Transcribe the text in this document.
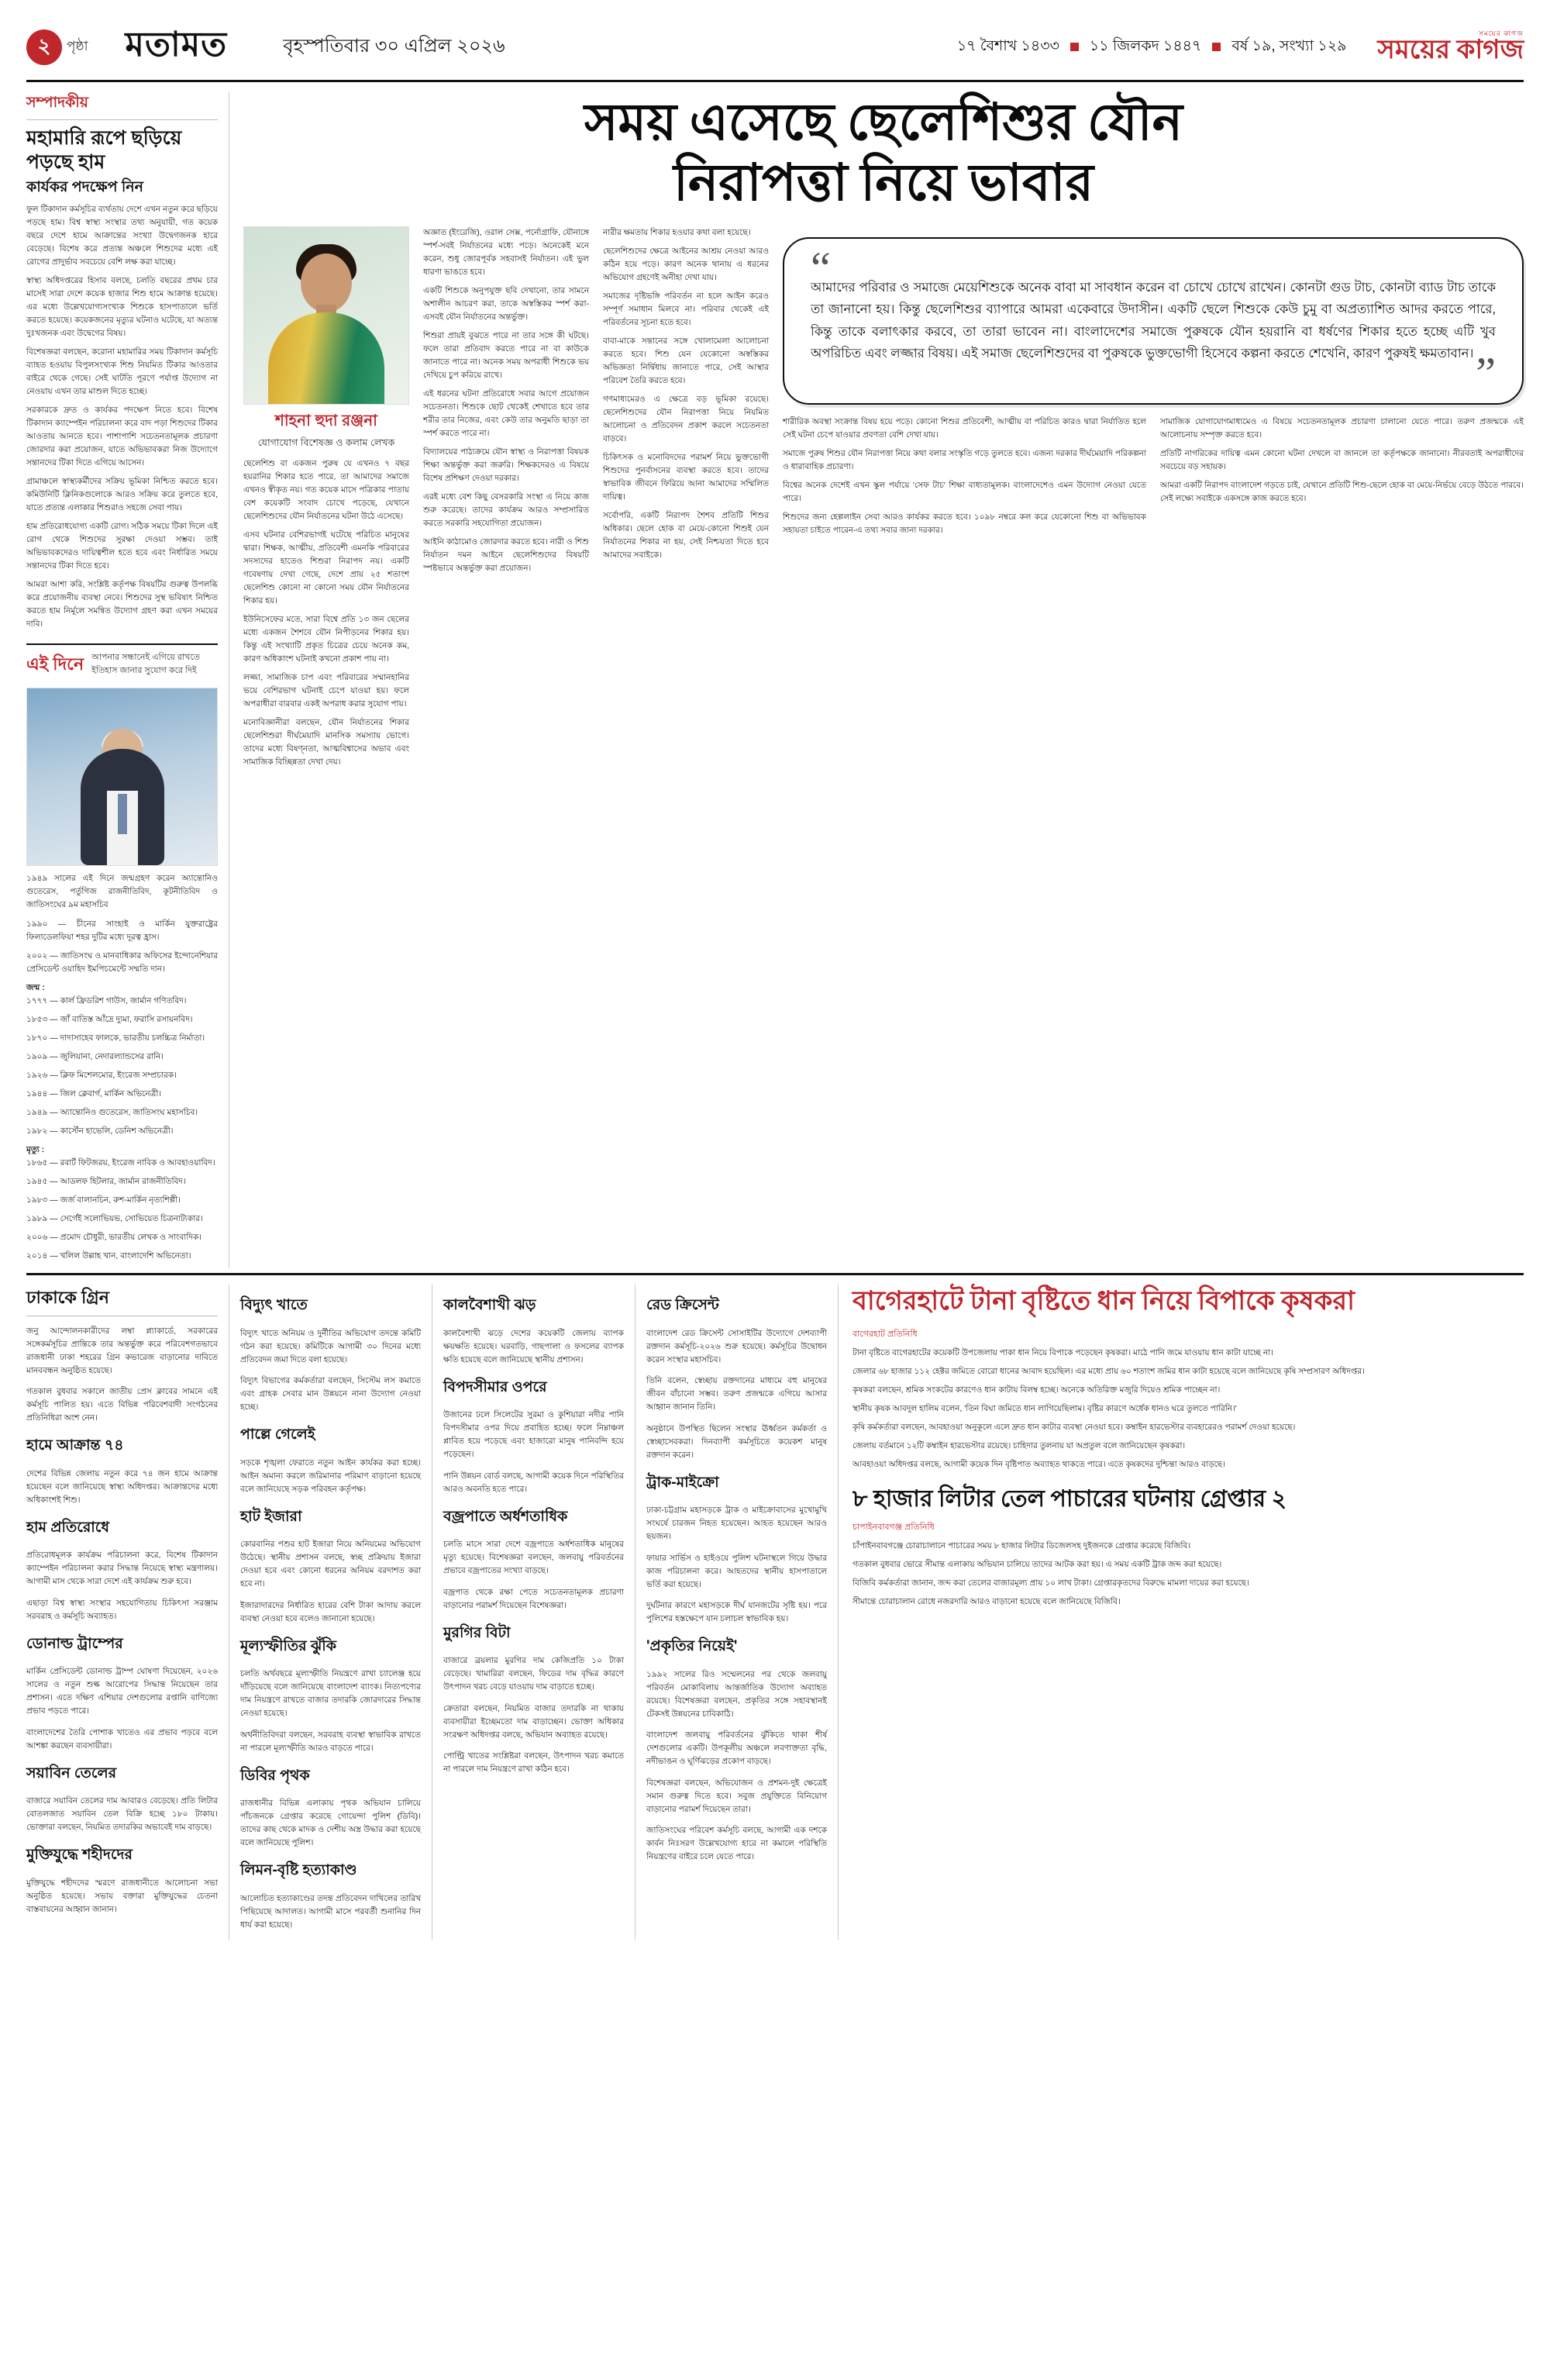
২	পৃষ্ঠা মতামত	বৃহস্পতিবার ৩০ এপ্রিল ২০২৬	১৭ বৈশাখ ১৪৩৩ ১১ জিলকদ ১৪৪৭ বর্ষ ১৯, সংখ্যা ১২৯
সময়ের কাগজ
সময়ের কাগজ
সম্পাদকীয়
মহামারি রূপে ছড়িয়ে পড়ছে হাম
কার্যকর পদক্ষেপ নিন

ফুল টিকাদান কর্মসূচির ব্যর্থতায় দেশে এখন নতুন করে ছড়িয়ে পড়ছে হাম। বিশ্ব স্বাস্থ্য সংস্থার তথ্য অনুযায়ী, গত কয়েক বছরে দেশে হামে আক্রান্তের সংখ্যা উদ্বেগজনক হারে বেড়েছে। বিশেষ করে প্রত্যন্ত অঞ্চলে শিশুদের মধ্যে এই রোগের প্রাদুর্ভাব সবচেয়ে বেশি লক্ষ করা যাচ্ছে।

স্বাস্থ্য অধিদপ্তরের হিসাব বলছে, চলতি বছরের প্রথম চার মাসেই সারা দেশে কয়েক হাজার শিশু হামে আক্রান্ত হয়েছে। এর মধ্যে উল্লেখযোগ্যসংখ্যক শিশুকে হাসপাতালে ভর্তি করতে হয়েছে। কয়েকজনের মৃত্যুর ঘটনাও ঘটেছে, যা অত্যন্ত দুঃখজনক এবং উদ্বেগের বিষয়।

বিশেষজ্ঞরা বলছেন, করোনা মহামারির সময় টিকাদান কর্মসূচি ব্যাহত হওয়ায় বিপুলসংখ্যক শিশু নিয়মিত টিকার আওতার বাইরে থেকে গেছে। সেই ঘাটতি পূরণে পর্যাপ্ত উদ্যোগ না নেওয়ায় এখন তার মাশুল দিতে হচ্ছে।

সরকারকে দ্রুত ও কার্যকর পদক্ষেপ নিতে হবে। বিশেষ টিকাদান ক্যাম্পেইন পরিচালনা করে বাদ পড়া শিশুদের টিকার আওতায় আনতে হবে। পাশাপাশি সচেতনতামূলক প্রচারণা জোরদার করা প্রয়োজন, যাতে অভিভাবকরা নিজ উদ্যোগে সন্তানদের টিকা দিতে এগিয়ে আসেন।

গ্রামাঞ্চলে স্বাস্থ্যকর্মীদের সক্রিয় ভূমিকা নিশ্চিত করতে হবে। কমিউনিটি ক্লিনিকগুলোকে আরও সক্রিয় করে তুলতে হবে, যাতে প্রত্যন্ত এলাকার শিশুরাও সহজে সেবা পায়।

হাম প্রতিরোধযোগ্য একটি রোগ। সঠিক সময়ে টিকা দিলে এই রোগ থেকে শিশুদের সুরক্ষা দেওয়া সম্ভব। তাই অভিভাবকদেরও দায়িত্বশীল হতে হবে এবং নির্ধারিত সময়ে সন্তানদের টিকা দিতে হবে।

আমরা আশা করি, সংশ্লিষ্ট কর্তৃপক্ষ বিষয়টির গুরুত্ব উপলব্ধি করে প্রয়োজনীয় ব্যবস্থা নেবে। শিশুদের সুস্থ ভবিষ্যৎ নিশ্চিত করতে হাম নির্মূলে সমন্বিত উদ্যোগ গ্রহণ করা এখন সময়ের দাবি।

এই দিনে আপনার সন্ধানেই এগিয়ে রাখতে ইতিহাস জানার সুযোগ করে দিই
১৯৪৯ সালের এই দিনে জন্মগ্রহণ করেন অ্যান্তোনিও গুতেরেস, পর্তুগিজ রাজনীতিবিদ, কূটনীতিবিদ ও জাতিসংঘের ৯ম মহাসচিব

১৯৯০ — চীনের সাংহাই ও মার্কিন যুক্তরাষ্ট্রের ফিলাডেলফিয়া শহর দুটির মধ্যে দূরত্ব হ্রাস।

২০০২ — জাতিসংঘ ও মানবাধিকার অফিসের ইন্দোনেশিয়ার প্রেসিডেন্ট ওয়াহিদ ইমপিচমেন্টে সম্মতি দান।

জন্ম :

১৭৭৭ — কার্ল ফ্রিডরিশ গাউস, জার্মান গণিতবিদ।

১৮৫৩ — জাঁ বাতিস্ত আঁদ্রে দ্যুমা, ফরাসি রসায়নবিদ।

১৮৭০ — দাদাসাহেব ফালকে, ভারতীয় চলচ্চিত্র নির্মাতা।

১৯০৯ — জুলিয়ানা, নেদারল্যান্ডসের রানি।

১৯২৬ — ক্লিফ মিশেলমোর, ইংরেজ সম্প্রচারক।

১৯৪৪ — জিল ক্লেবার্গ, মার্কিন অভিনেত্রী।

১৯৪৯ — অ্যান্তোনিও গুতেরেস, জাতিসংঘ মহাসচিব।

১৯৮২ — কার্স্টেন হাভেলি, ডেনিশ অভিনেত্রী।

মৃত্যু :

১৮৬৫ — রবার্ট ফিটজরয়, ইংরেজ নাবিক ও আবহাওয়াবিদ।

১৯৪৫ — আডলফ হিটলার, জার্মান রাজনীতিবিদ।

১৯৮৩ — জর্জ বালানচিন, রুশ-মার্কিন নৃত্যশিল্পী।

১৯৮৯ — সের্গেই সলোভিয়ভ, সোভিয়েত চিত্রনাট্যকার।

২০০৬ — প্রমোদ চৌধুরী, ভারতীয় লেখক ও সাংবাদিক।

২০১৪ — খলিল উল্লাহ খান, বাংলাদেশি অভিনেতা।

সময় এসেছে ছেলেশিশুর যৌন
নিরাপত্তা নিয়ে ভাবার
শাহনা হুদা রঞ্জনা
যোগাযোগ বিশেষজ্ঞ ও কলাম লেখক

ছেলেশিশু বা একজন পুরুষ যে এখনও ৭ বছর হয়রানির শিকার হতে পারে, তা আমাদের সমাজে এখনও স্বীকৃত নয়। গত কয়েক মাসে পত্রিকার পাতায় বেশ কয়েকটি সংবাদ চোখে পড়েছে, যেখানে ছেলেশিশুদের যৌন নির্যাতনের ঘটনা উঠে এসেছে।

এসব ঘটনার বেশিরভাগই ঘটেছে পরিচিত মানুষের দ্বারা। শিক্ষক, আত্মীয়, প্রতিবেশী এমনকি পরিবারের সদস্যদের হাতেও শিশুরা নিরাপদ নয়। একটি গবেষণায় দেখা গেছে, দেশে প্রায় ২৫ শতাংশ ছেলেশিশু কোনো না কোনো সময় যৌন নির্যাতনের শিকার হয়।

ইউনিসেফের মতে, সারা বিশ্বে প্রতি ১৩ জন ছেলের মধ্যে একজন শৈশবে যৌন নিপীড়নের শিকার হয়। কিন্তু এই সংখ্যাটি প্রকৃত চিত্রের চেয়ে অনেক কম, কারণ অধিকাংশ ঘটনাই কখনো প্রকাশ পায় না।

লজ্জা, সামাজিক চাপ এবং পরিবারের সম্মানহানির ভয়ে বেশিরভাগ ঘটনাই চেপে যাওয়া হয়। ফলে অপরাধীরা বারবার একই অপরাধ করার সুযোগ পায়।

মনোবিজ্ঞানীরা বলছেন, যৌন নির্যাতনের শিকার ছেলেশিশুরা দীর্ঘমেয়াদি মানসিক সমস্যায় ভোগে। তাদের মধ্যে বিষণ্নতা, আত্মবিশ্বাসের অভাব এবং সামাজিক বিচ্ছিন্নতা দেখা দেয়।

অজ্ঞাত (ইংরেজি), ওরাল সেক্স, পর্নোগ্রাফি, যৌনাঙ্গে স্পর্শ-সবই নির্যাতনের মধ্যে পড়ে। অনেকেই মনে করেন, শুধু জোরপূর্বক সহবাসই নির্যাতন। এই ভুল ধারণা ভাঙতে হবে।

একটি শিশুকে অনুপযুক্ত ছবি দেখানো, তার সামনে অশালীন আচরণ করা, তাকে অস্বস্তিকর স্পর্শ করা-এসবই যৌন নির্যাতনের অন্তর্ভুক্ত।

শিশুরা প্রায়ই বুঝতে পারে না তার সঙ্গে কী ঘটছে। ফলে তারা প্রতিবাদ করতে পারে না বা কাউকে জানাতে পারে না। অনেক সময় অপরাধী শিশুকে ভয় দেখিয়ে চুপ করিয়ে রাখে।

এই ধরনের ঘটনা প্রতিরোধে সবার আগে প্রয়োজন সচেতনতা। শিশুকে ছোট থেকেই শেখাতে হবে তার শরীর তার নিজের, এবং কেউ তার অনুমতি ছাড়া তা স্পর্শ করতে পারে না।

বিদ্যালয়ের পাঠ্যক্রমে যৌন স্বাস্থ্য ও নিরাপত্তা বিষয়ক শিক্ষা অন্তর্ভুক্ত করা জরুরি। শিক্ষকদেরও এ বিষয়ে বিশেষ প্রশিক্ষণ দেওয়া দরকার।

এরই মধ্যে বেশ কিছু বেসরকারি সংস্থা এ নিয়ে কাজ শুরু করেছে। তাদের কার্যক্রম আরও সম্প্রসারিত করতে সরকারি সহযোগিতা প্রয়োজন।

আইনি কাঠামোও জোরদার করতে হবে। নারী ও শিশু নির্যাতন দমন আইনে ছেলেশিশুদের বিষয়টি স্পষ্টভাবে অন্তর্ভুক্ত করা প্রয়োজন।

নারীর ক্ষমতায় শিকার হওয়ার কথা বলা হয়েছে।

ছেলেশিশুদের ক্ষেত্রে আইনের আশ্রয় নেওয়া আরও কঠিন হয়ে পড়ে। কারণ অনেক থানায় এ ধরনের অভিযোগ গ্রহণেই অনীহা দেখা যায়।

সমাজের দৃষ্টিভঙ্গি পরিবর্তন না হলে আইন করেও সম্পূর্ণ সমাধান মিলবে না। পরিবার থেকেই এই পরিবর্তনের সূচনা হতে হবে।

বাবা-মাকে সন্তানের সঙ্গে খোলামেলা আলোচনা করতে হবে। শিশু যেন যেকোনো অস্বস্তিকর অভিজ্ঞতা নির্দ্বিধায় জানাতে পারে, সেই আস্থার পরিবেশ তৈরি করতে হবে।

গণমাধ্যমেরও এ ক্ষেত্রে বড় ভূমিকা রয়েছে। ছেলেশিশুদের যৌন নিরাপত্তা নিয়ে নিয়মিত আলোচনা ও প্রতিবেদন প্রকাশ করলে সচেতনতা বাড়বে।

চিকিৎসক ও মনোবিদদের পরামর্শ নিয়ে ভুক্তভোগী শিশুদের পুনর্বাসনের ব্যবস্থা করতে হবে। তাদের স্বাভাবিক জীবনে ফিরিয়ে আনা আমাদের সম্মিলিত দায়িত্ব।

সর্বোপরি, একটি নিরাপদ শৈশব প্রতিটি শিশুর অধিকার। ছেলে হোক বা মেয়ে-কোনো শিশুই যেন নির্যাতনের শিকার না হয়, সেই নিশ্চয়তা দিতে হবে আমাদের সবাইকে।

“
আমাদের পরিবার ও সমাজে মেয়েশিশুকে অনেক বাবা মা সাবধান করেন বা চোখে চোখে রাখেন। কোনটা গুড টাচ, কোনটা ব্যাড টাচ তাকে তা জানানো হয়। কিন্তু ছেলেশিশুর ব্যাপারে আমরা একেবারে উদাসীন। একটি ছেলে শিশুকে কেউ চুমু বা অপ্রত্যাশিত আদর করতে পারে, কিন্তু তাকে বলাৎকার করবে, তা তারা ভাবেন না। বাংলাদেশের সমাজে পুরুষকে যৌন হয়রানি বা ধর্ষণের শিকার হতে হচ্ছে এটি খুব অপরিচিত এবং লজ্জার বিষয়। এই সমাজ ছেলেশিশুদের বা পুরুষকে ভুক্তভোগী হিসেবে কল্পনা করতে শেখেনি, কারণ পুরুষই ক্ষমতাবান। ”

শারীরিক অবস্থা সংক্রান্ত বিষয় হয়ে পড়ে। কোনো শিশুর প্রতিবেশী, আত্মীয় বা পরিচিত কারও দ্বারা নির্যাতিত হলে সেই ঘটনা চেপে যাওয়ার প্রবণতা বেশি দেখা যায়।

সমাজে পুরুষ শিশুর যৌন নিরাপত্তা নিয়ে কথা বলার সংস্কৃতি গড়ে তুলতে হবে। এজন্য দরকার দীর্ঘমেয়াদি পরিকল্পনা ও ধারাবাহিক প্রচারণা।

বিশ্বের অনেক দেশেই এখন স্কুল পর্যায়ে 'সেফ টাচ' শিক্ষা বাধ্যতামূলক। বাংলাদেশেও এমন উদ্যোগ নেওয়া যেতে পারে।

শিশুদের জন্য হেল্পলাইন সেবা আরও কার্যকর করতে হবে। ১০৯৮ নম্বরে কল করে যেকোনো শিশু বা অভিভাবক সহায়তা চাইতে পারেন-এ তথ্য সবার জানা দরকার।

সামাজিক যোগাযোগমাধ্যমেও এ বিষয়ে সচেতনতামূলক প্রচারণা চালানো যেতে পারে। তরুণ প্রজন্মকে এই আলোচনায় সম্পৃক্ত করতে হবে।

প্রতিটি নাগরিকের দায়িত্ব এমন কোনো ঘটনা দেখলে বা জানলে তা কর্তৃপক্ষকে জানানো। নীরবতাই অপরাধীদের সবচেয়ে বড় সহায়ক।

আমরা একটি নিরাপদ বাংলাদেশ গড়তে চাই, যেখানে প্রতিটি শিশু-ছেলে হোক বা মেয়ে-নির্ভয়ে বেড়ে উঠতে পারবে। সেই লক্ষ্যে সবাইকে একসঙ্গে কাজ করতে হবে।

ঢাকাকে গ্রিন

জনু আন্দোলনকারীদের লম্বা প্ল্যাকার্ডে, সরকারের সঙ্গেকর্মসূচির প্রান্তিকে তার অন্তর্ভুক্ত করে পরিবেশগতভাবে রাজধানী ঢাকা শহরের গ্রিন কভারেজ বাড়ানোর দাবিতে মানববন্ধন অনুষ্ঠিত হয়েছে।

গতকাল বুধবার সকালে জাতীয় প্রেস ক্লাবের সামনে এই কর্মসূচি পালিত হয়। এতে বিভিন্ন পরিবেশবাদী সংগঠনের প্রতিনিধিরা অংশ নেন।

হামে আক্রান্ত ৭৪

দেশের বিভিন্ন জেলায় নতুন করে ৭৪ জন হামে আক্রান্ত হয়েছেন বলে জানিয়েছে স্বাস্থ্য অধিদপ্তর। আক্রান্তদের মধ্যে অধিকাংশই শিশু।

হাম প্রতিরোধে

প্রতিরোধমূলক কার্যক্রম পরিচালনা করে, বিশেষ টিকাদান ক্যাম্পেইন পরিচালনা করার সিদ্ধান্ত নিয়েছে স্বাস্থ্য মন্ত্রণালয়। আগামী মাস থেকে সারা দেশে এই কার্যক্রম শুরু হবে।

এছাড়া বিশ্ব স্বাস্থ্য সংস্থার সহযোগিতায় চিকিৎসা সরঞ্জাম সরবরাহ ও কর্মসূচি অব্যাহত।

ডোনাল্ড ট্রাম্পের

মার্কিন প্রেসিডেন্ট ডোনাল্ড ট্রাম্প ঘোষণা দিয়েছেন, ২০২৬ সালের ও নতুন শুল্ক আরোপের সিদ্ধান্ত নিয়েছেন তার প্রশাসন। এতে দক্ষিণ এশিয়ার দেশগুলোর রপ্তানি বাণিজ্যে প্রভাব পড়তে পারে।

বাংলাদেশের তৈরি পোশাক খাতেও এর প্রভাব পড়বে বলে আশঙ্কা করছেন ব্যবসায়ীরা।

সয়াবিন তেলের

বাজারে সয়াবিন তেলের দাম আবারও বেড়েছে। প্রতি লিটার বোতলজাত সয়াবিন তেল বিক্রি হচ্ছে ১৮০ টাকায়। ভোক্তারা বলছেন, নিয়মিত তদারকির অভাবেই দাম বাড়ছে।

মুক্তিযুদ্ধে শহীদদের

মুক্তিযুদ্ধে শহীদদের স্মরণে রাজধানীতে আলোচনা সভা অনুষ্ঠিত হয়েছে। সভায় বক্তারা মুক্তিযুদ্ধের চেতনা বাস্তবায়নের আহ্বান জানান।

বিদ্যুৎ খাতে

বিদ্যুৎ খাতে অনিয়ম ও দুর্নীতির অভিযোগ তদন্তে কমিটি গঠন করা হয়েছে। কমিটিকে আগামী ৩০ দিনের মধ্যে প্রতিবেদন জমা দিতে বলা হয়েছে।

বিদ্যুৎ বিভাগের কর্মকর্তারা বলছেন, সিস্টেম লস কমাতে এবং গ্রাহক সেবার মান উন্নয়নে নানা উদ্যোগ নেওয়া হচ্ছে।

পাল্লে গেলেই

সড়কে শৃঙ্খলা ফেরাতে নতুন আইন কার্যকর করা হচ্ছে। আইন অমান্য করলে জরিমানার পরিমাণ বাড়ানো হয়েছে বলে জানিয়েছে সড়ক পরিবহন কর্তৃপক্ষ।

হাট ইজারা

কোরবানির পশুর হাট ইজারা নিয়ে অনিয়মের অভিযোগ উঠেছে। স্থানীয় প্রশাসন বলছে, স্বচ্ছ প্রক্রিয়ায় ইজারা দেওয়া হবে এবং কোনো ধরনের অনিয়ম বরদাশত করা হবে না।

ইজারাদারদের নির্ধারিত হারের বেশি টাকা আদায় করলে ব্যবস্থা নেওয়া হবে বলেও জানানো হয়েছে।

মূল্যস্ফীতির ঝুঁকি

চলতি অর্থবছরে মূল্যস্ফীতি নিয়ন্ত্রণে রাখা চ্যালেঞ্জ হয়ে দাঁড়িয়েছে বলে জানিয়েছে বাংলাদেশ ব্যাংক। নিত্যপণ্যের দাম নিয়ন্ত্রণে রাখতে বাজার তদারকি জোরদারের সিদ্ধান্ত নেওয়া হয়েছে।

অর্থনীতিবিদরা বলছেন, সরবরাহ ব্যবস্থা স্বাভাবিক রাখতে না পারলে মূল্যস্ফীতি আরও বাড়তে পারে।

ডিবির পৃথক

রাজধানীর বিভিন্ন এলাকায় পৃথক অভিযান চালিয়ে পাঁচজনকে গ্রেপ্তার করেছে গোয়েন্দা পুলিশ (ডিবি)। তাদের কাছ থেকে মাদক ও দেশীয় অস্ত্র উদ্ধার করা হয়েছে বলে জানিয়েছে পুলিশ।

লিমন-বৃষ্টি হত্যাকাণ্ড

আলোচিত হত্যাকাণ্ডের তদন্ত প্রতিবেদন দাখিলের তারিখ পিছিয়েছে আদালত। আগামী মাসে পরবর্তী শুনানির দিন ধার্য করা হয়েছে।

কালবৈশাখী ঝড়

কালবৈশাখী ঝড়ে দেশের কয়েকটি জেলায় ব্যাপক ক্ষয়ক্ষতি হয়েছে। ঘরবাড়ি, গাছপালা ও ফসলের ব্যাপক ক্ষতি হয়েছে বলে জানিয়েছে স্থানীয় প্রশাসন।

বিপদসীমার ওপরে

উজানের ঢলে সিলেটের সুরমা ও কুশিয়ারা নদীর পানি বিপদসীমার ওপর দিয়ে প্রবাহিত হচ্ছে। ফলে নিম্নাঞ্চল প্লাবিত হয়ে পড়েছে এবং হাজারো মানুষ পানিবন্দি হয়ে পড়েছেন।

পানি উন্নয়ন বোর্ড বলছে, আগামী কয়েক দিনে পরিস্থিতির আরও অবনতি হতে পারে।

বজ্রপাতে অর্ধশতাধিক

চলতি মাসে সারা দেশে বজ্রপাতে অর্ধশতাধিক মানুষের মৃত্যু হয়েছে। বিশেষজ্ঞরা বলছেন, জলবায়ু পরিবর্তনের প্রভাবে বজ্রপাতের সংখ্যা বাড়ছে।

বজ্রপাত থেকে রক্ষা পেতে সচেতনতামূলক প্রচারণা বাড়ানোর পরামর্শ দিয়েছেন বিশেষজ্ঞরা।

মুরগির বিটা

বাজারে ব্রয়লার মুরগির দাম কেজিপ্রতি ১০ টাকা বেড়েছে। খামারিরা বলছেন, ফিডের দাম বৃদ্ধির কারণে উৎপাদন খরচ বেড়ে যাওয়ায় দাম বাড়াতে হচ্ছে।

ক্রেতারা বলছেন, নিয়মিত বাজার তদারকি না থাকায় ব্যবসায়ীরা ইচ্ছেমতো দাম বাড়াচ্ছেন। ভোক্তা অধিকার সংরক্ষণ অধিদপ্তর বলছে, অভিযান অব্যাহত রয়েছে।

পোল্ট্রি খাতের সংশ্লিষ্টরা বলছেন, উৎপাদন খরচ কমাতে না পারলে দাম নিয়ন্ত্রণে রাখা কঠিন হবে।

রেড ক্রিসেন্ট

বাংলাদেশ রেড ক্রিসেন্ট সোসাইটির উদ্যোগে দেশব্যাপী রক্তদান কর্মসূচি-২০২৬ শুরু হয়েছে। কর্মসূচির উদ্বোধন করেন সংস্থার মহাসচিব।

তিনি বলেন, স্বেচ্ছায় রক্তদানের মাধ্যমে বহু মানুষের জীবন বাঁচানো সম্ভব। তরুণ প্রজন্মকে এগিয়ে আসার আহ্বান জানান তিনি।

অনুষ্ঠানে উপস্থিত ছিলেন সংস্থার ঊর্ধ্বতন কর্মকর্তা ও স্বেচ্ছাসেবকরা। দিনব্যাপী কর্মসূচিতে কয়েকশ মানুষ রক্তদান করেন।

ট্রাক-মাইক্রো

ঢাকা-চট্টগ্রাম মহাসড়কে ট্রাক ও মাইক্রোবাসের মুখোমুখি সংঘর্ষে চারজন নিহত হয়েছেন। আহত হয়েছেন আরও ছয়জন।

ফায়ার সার্ভিস ও হাইওয়ে পুলিশ ঘটনাস্থলে গিয়ে উদ্ধার কাজ পরিচালনা করে। আহতদের স্থানীয় হাসপাতালে ভর্তি করা হয়েছে।

দুর্ঘটনার কারণে মহাসড়কে দীর্ঘ যানজটের সৃষ্টি হয়। পরে পুলিশের হস্তক্ষেপে যান চলাচল স্বাভাবিক হয়।

'প্রকৃতির নিয়েই'

১৯৯২ সালের রিও সম্মেলনের পর থেকে জলবায়ু পরিবর্তন মোকাবিলায় আন্তর্জাতিক উদ্যোগ অব্যাহত রয়েছে। বিশেষজ্ঞরা বলছেন, প্রকৃতির সঙ্গে সহাবস্থানই টেকসই উন্নয়নের চাবিকাঠি।

বাংলাদেশ জলবায়ু পরিবর্তনের ঝুঁকিতে থাকা শীর্ষ দেশগুলোর একটি। উপকূলীয় অঞ্চলে লবণাক্ততা বৃদ্ধি, নদীভাঙন ও ঘূর্ণিঝড়ের প্রকোপ বাড়ছে।

বিশেষজ্ঞরা বলছেন, অভিযোজন ও প্রশমন-দুই ক্ষেত্রেই সমান গুরুত্ব দিতে হবে। সবুজ প্রযুক্তিতে বিনিয়োগ বাড়ানোর পরামর্শ দিয়েছেন তারা।

জাতিসংঘের পরিবেশ কর্মসূচি বলছে, আগামী এক দশকে কার্বন নিঃসরণ উল্লেখযোগ্য হারে না কমালে পরিস্থিতি নিয়ন্ত্রণের বাইরে চলে যেতে পারে।

বাগেরহাটে টানা বৃষ্টিতে ধান নিয়ে বিপাকে কৃষকরা
বাগেরহাট প্রতিনিধি

টানা বৃষ্টিতে বাগেরহাটের কয়েকটি উপজেলায় পাকা ধান নিয়ে বিপাকে পড়েছেন কৃষকরা। মাঠে পানি জমে যাওয়ায় ধান কাটা যাচ্ছে না।

জেলার ৬৮ হাজার ১১২ হেক্টর জমিতে বোরো ধানের আবাদ হয়েছিল। এর মধ্যে প্রায় ৬০ শতাংশ জমির ধান কাটা হয়েছে বলে জানিয়েছে কৃষি সম্প্রসারণ অধিদপ্তর।

কৃষকরা বলছেন, শ্রমিক সংকটের কারণেও ধান কাটায় বিলম্ব হচ্ছে। অনেকে অতিরিক্ত মজুরি দিয়েও শ্রমিক পাচ্ছেন না।

স্থানীয় কৃষক আবদুল হালিম বলেন, 'তিন বিঘা জমিতে ধান লাগিয়েছিলাম। বৃষ্টির কারণে অর্ধেক ধানও ঘরে তুলতে পারিনি।'

কৃষি কর্মকর্তারা বলছেন, আবহাওয়া অনুকূলে এলে দ্রুত ধান কাটার ব্যবস্থা নেওয়া হবে। কম্বাইন হারভেস্টার ব্যবহারেরও পরামর্শ দেওয়া হয়েছে।

জেলায় বর্তমানে ১২টি কম্বাইন হারভেস্টার রয়েছে। চাহিদার তুলনায় যা অপ্রতুল বলে জানিয়েছেন কৃষকরা।

আবহাওয়া অধিদপ্তর বলছে, আগামী কয়েক দিন বৃষ্টিপাত অব্যাহত থাকতে পারে। এতে কৃষকদের দুশ্চিন্তা আরও বাড়ছে।

৮ হাজার লিটার তেল পাচারের ঘটনায় গ্রেপ্তার ২
চাপাইনবাবগঞ্জ প্রতিনিধি

চাঁপাইনবাবগঞ্জে চোরাচালানে পাচারের সময় ৮ হাজার লিটার ডিজেলসহ দুইজনকে গ্রেপ্তার করেছে বিজিবি।

গতকাল বুধবার ভোরে সীমান্ত এলাকায় অভিযান চালিয়ে তাদের আটক করা হয়। এ সময় একটি ট্রাক জব্দ করা হয়েছে।

বিজিবি কর্মকর্তারা জানান, জব্দ করা তেলের বাজারমূল্য প্রায় ১০ লাখ টাকা। গ্রেপ্তারকৃতদের বিরুদ্ধে মামলা দায়ের করা হয়েছে।

সীমান্তে চোরাচালান রোধে নজরদারি আরও বাড়ানো হয়েছে বলে জানিয়েছে বিজিবি।
